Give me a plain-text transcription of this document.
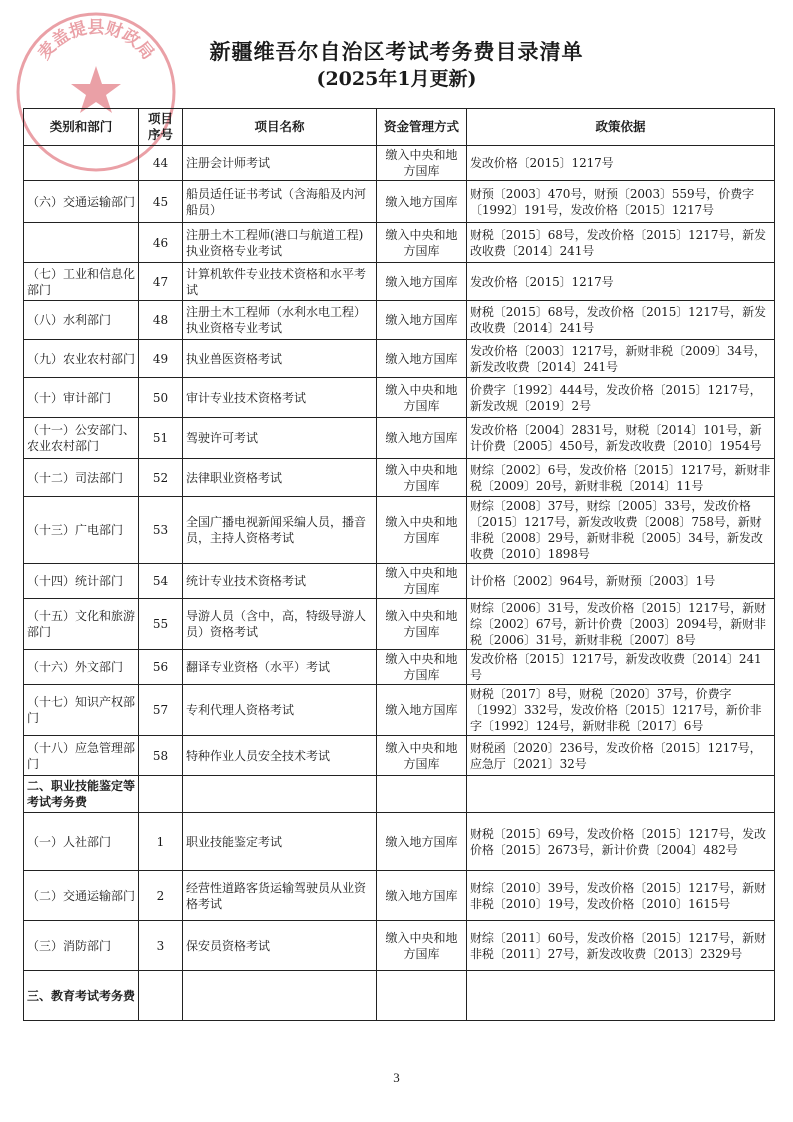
麦盖提县财政局	新疆维吾尔自治区考试考务费目录清单
(2025年1月更新)
类别和部门	项目序号	项目名称	资金管理方式	政策依据
	44	注册会计师考试	缴入中央和地方国库	发改价格〔2015〕1217号
（六）交通运输部门	45	船员适任证书考试（含海船及内河船员）	缴入地方国库	财预〔2003〕470号，财预〔2003〕559号，价费字〔1992〕191号，发改价格〔2015〕1217号
	46	注册土木工程师(港口与航道工程)执业资格专业考试	缴入中央和地方国库	财税〔2015〕68号，发改价格〔2015〕1217号，新发改收费〔2014〕241号
（七）工业和信息化部门	47	计算机软件专业技术资格和水平考试	缴入地方国库	发改价格〔2015〕1217号
（八）水利部门	48	注册土木工程师（水利水电工程）执业资格专业考试	缴入地方国库	财税〔2015〕68号，发改价格〔2015〕1217号，新发改收费〔2014〕241号
（九）农业农村部门	49	执业兽医资格考试	缴入地方国库	发改价格〔2003〕1217号，新财非税〔2009〕34号，新发改收费〔2014〕241号
（十）审计部门	50	审计专业技术资格考试	缴入中央和地方国库	价费字〔1992〕444号，发改价格〔2015〕1217号，新发改规〔2019〕2号
（十一）公安部门、农业农村部门	51	驾驶许可考试	缴入地方国库	发改价格〔2004〕2831号，财税〔2014〕101号，新计价费〔2005〕450号，新发改收费〔2010〕1954号
（十二）司法部门	52	法律职业资格考试	缴入中央和地方国库	财综〔2002〕6号，发改价格〔2015〕1217号，新财非税〔2009〕20号，新财非税〔2014〕11号
（十三）广电部门	53	全国广播电视新闻采编人员，播音员，主持人资格考试	缴入中央和地方国库	财综〔2008〕37号，财综〔2005〕33号，发改价格〔2015〕1217号，新发改收费〔2008〕758号，新财非税〔2008〕29号，新财非税〔2005〕34号，新发改收费〔2010〕1898号
（十四）统计部门	54	统计专业技术资格考试	缴入中央和地方国库	计价格〔2002〕964号，新财预〔2003〕1号
（十五）文化和旅游部门	55	导游人员（含中，高，特级导游人员）资格考试	缴入中央和地方国库	财综〔2006〕31号，发改价格〔2015〕1217号，新财综〔2002〕67号，新计价费〔2003〕2094号，新财非税〔2006〕31号，新财非税〔2007〕8号
（十六）外文部门	56	翻译专业资格（水平）考试	缴入中央和地方国库	发改价格〔2015〕1217号，新发改收费〔2014〕241号
（十七）知识产权部门	57	专利代理人资格考试	缴入地方国库	财税〔2017〕8号，财税〔2020〕37号，价费字〔1992〕332号，发改价格〔2015〕1217号，新价非字〔1992〕124号，新财非税〔2017〕6号
（十八）应急管理部门	58	特种作业人员安全技术考试	缴入中央和地方国库	财税函〔2020〕236号，发改价格〔2015〕1217号，应急厅〔2021〕32号
二、职业技能鉴定等考试考务费				
（一）人社部门	1	职业技能鉴定考试	缴入地方国库	财税〔2015〕69号，发改价格〔2015〕1217号，发改价格〔2015〕2673号，新计价费〔2004〕482号
（二）交通运输部门	2	经营性道路客货运输驾驶员从业资格考试	缴入地方国库	财综〔2010〕39号，发改价格〔2015〕1217号，新财非税〔2010〕19号，发改价格〔2010〕1615号
（三）消防部门	3	保安员资格考试	缴入中央和地方国库	财综〔2011〕60号，发改价格〔2015〕1217号，新财非税〔2011〕27号，新发改收费〔2013〕2329号
三、教育考试考务费				
3
